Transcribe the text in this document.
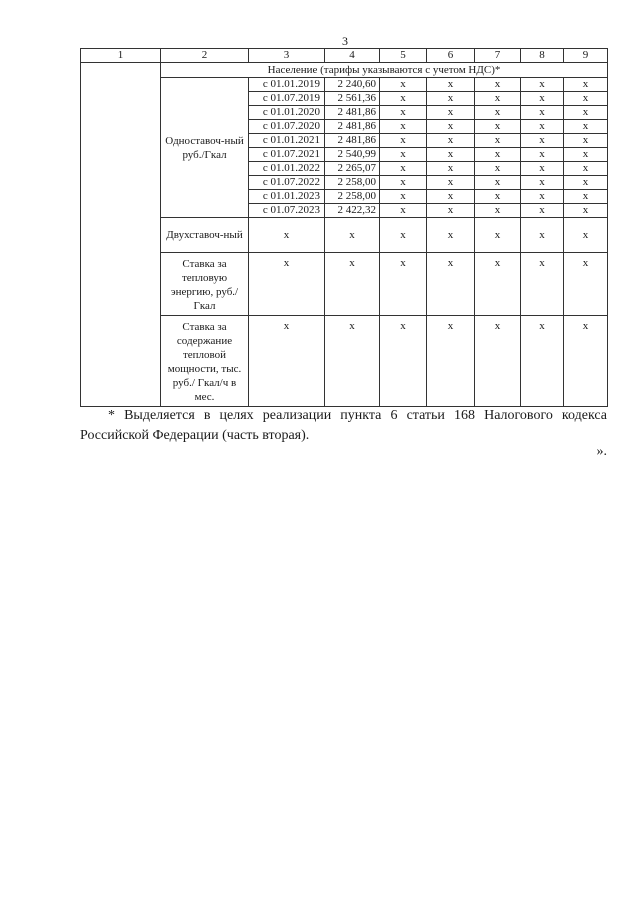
3
1	2	3	4	5	6	7	8	9
	Население (тарифы указываются с учетом НДС)*							
	Одноставоч-ный руб./Гкал	с 01.01.2019	2 240,60	x	x	x	x	x
		с 01.07.2019	2 561,36	x	x	x	x	x
		с 01.01.2020	2 481,86	x	x	x	x	x
		с 01.07.2020	2 481,86	x	x	x	x	x
		с 01.01.2021	2 481,86	x	x	x	x	x
		с 01.07.2021	2 540,99	x	x	x	x	x
		с 01.01.2022	2 265,07	x	x	x	x	x
		с 01.07.2022	2 258,00	x	x	x	x	x
		с 01.01.2023	2 258,00	x	x	x	x	x
		с 01.07.2023	2 422,32	x	x	x	x	x
	Двухставоч-ный	x	x	x	x	x	x	x
	Ставка за тепловую энергию, руб./Гкал	x	x	x	x	x	x	x
	Ставка за содержание тепловой мощности, тыс. руб./ Гкал/ч в мес.	x	x	x	x	x	x	x
* Выделяется в целях реализации пункта 6 статьи 168 Налогового кодекса Российской Федерации (часть вторая).
».
